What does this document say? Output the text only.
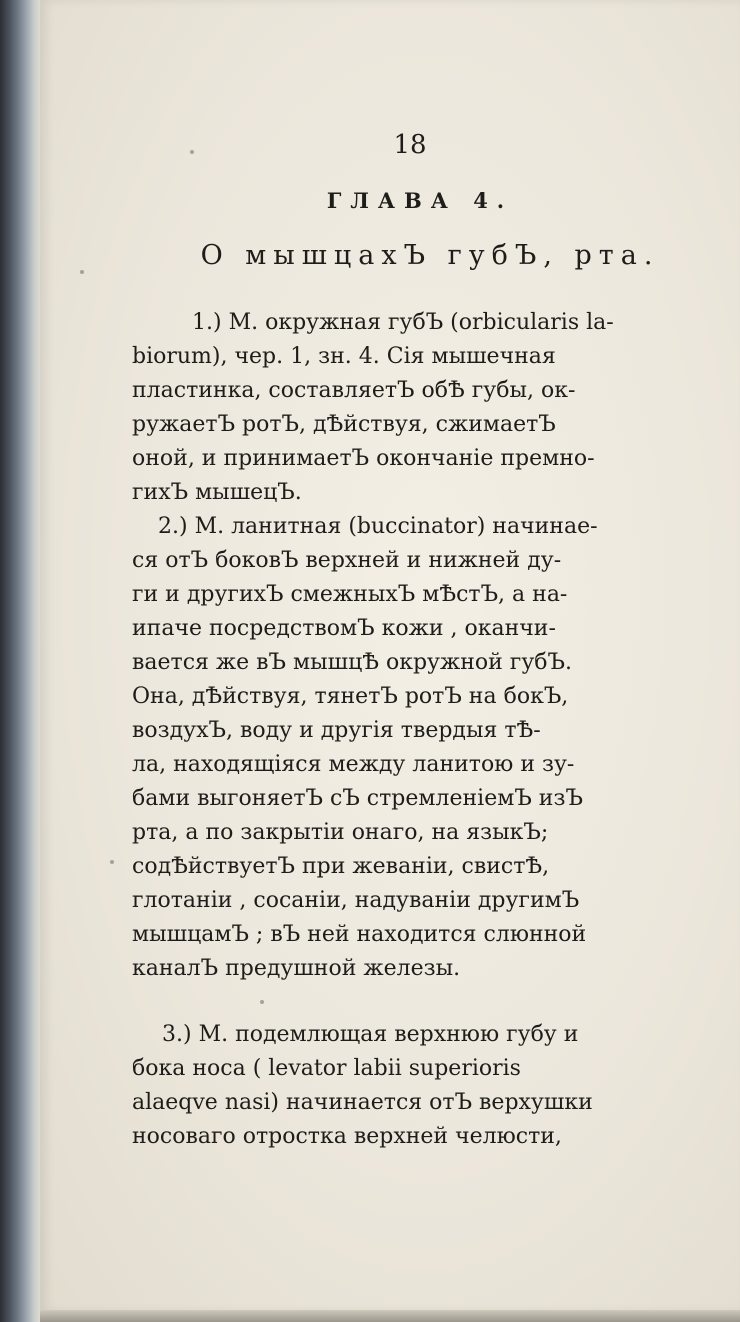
18
ГЛАВА 4.
О мышцахЪ губЪ, рта.
1.) М. окружная губЪ (orbicularis la-
biorum), чер. 1, зн. 4. Сія мышечная
пластинка, составляетЪ обѢ губы, ок-
ружаетЪ ротЪ, дѢйствуя, сжимаетЪ
оной, и принимаетЪ окончаніе премно-
гихЪ мышецЪ.
2.) М. ланитная (buccinator) начинае-
ся отЪ боковЪ верхней и нижней ду-
ги и другихЪ смежныхЪ мѢстЪ, а на-
ипаче посредствомЪ кожи , оканчи-
вается же вЪ мышцѢ окружной губЪ.
Она, дѢйствуя, тянетЪ ротЪ на бокЪ,
воздухЪ, воду и другія твердыя тѢ-
ла, находящіяся между ланитою и зу-
бами выгоняетЪ сЪ стремленіемЪ изЪ
рта, а по закрытіи онаго, на языкЪ;
содѢйствуетЪ при жеваніи, свистѢ,
глотаніи , сосаніи, надуваніи другимЪ
мышцамЪ ; вЪ ней находится слюнной
каналЪ предушной железы.
3.) М. подемлющая верхнюю губу и
бока носа ( levator labii superioris
alaeqve nasi) начинается отЪ верхушки
носоваго отростка верхней челюсти,
